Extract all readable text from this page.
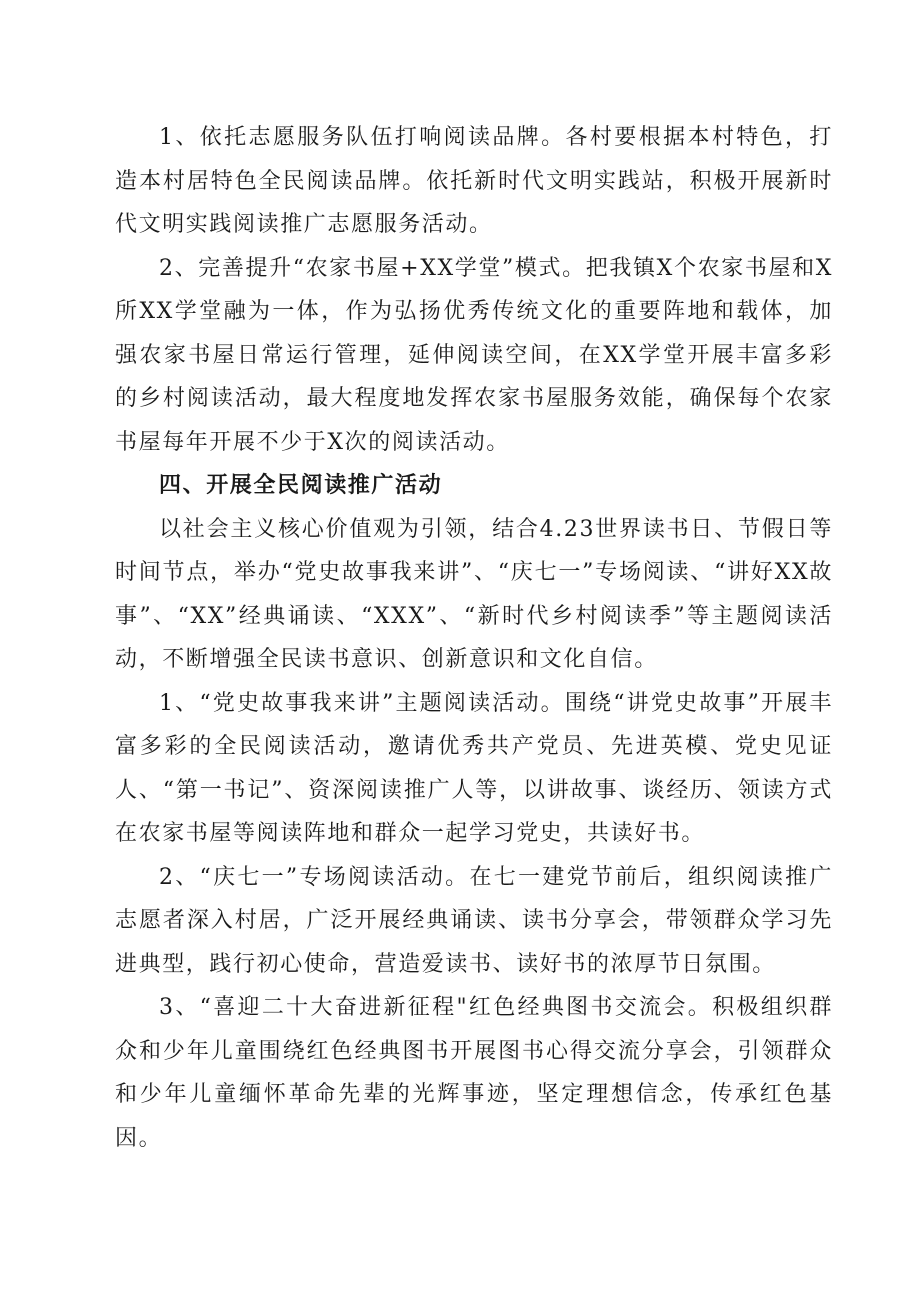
1、依托志愿服务队伍打响阅读品牌。各村要根据本村特色，打造本村居特色全民阅读品牌。依托新时代文明实践站，积极开展新时代文明实践阅读推广志愿服务活动。

2、完善提升“农家书屋+XX学堂”模式。把我镇X个农家书屋和X所XX学堂融为一体，作为弘扬优秀传统文化的重要阵地和载体，加强农家书屋日常运行管理，延伸阅读空间，在XX学堂开展丰富多彩的乡村阅读活动，最大程度地发挥农家书屋服务效能，确保每个农家书屋每年开展不少于X次的阅读活动。

四、开展全民阅读推广活动

以社会主义核心价值观为引领，结合4.23世界读书日、节假日等时间节点，举办“党史故事我来讲”、“庆七一”专场阅读、“讲好XX故事”、“XX”经典诵读、“XXX”、“新时代乡村阅读季”等主题阅读活动，不断增强全民读书意识、创新意识和文化自信。

1、“党史故事我来讲”主题阅读活动。围绕“讲党史故事”开展丰富多彩的全民阅读活动，邀请优秀共产党员、先进英模、党史见证人、“第一书记”、资深阅读推广人等，以讲故事、谈经历、领读方式在农家书屋等阅读阵地和群众一起学习党史，共读好书。

2、“庆七一”专场阅读活动。在七一建党节前后，组织阅读推广志愿者深入村居，广泛开展经典诵读、读书分享会，带领群众学习先进典型，践行初心使命，营造爱读书、读好书的浓厚节日氛围。

3、“喜迎二十大奋进新征程"红色经典图书交流会。积极组织群众和少年儿童围绕红色经典图书开展图书心得交流分享会，引领群众和少年儿童缅怀革命先辈的光辉事迹，坚定理想信念，传承红色基因。
